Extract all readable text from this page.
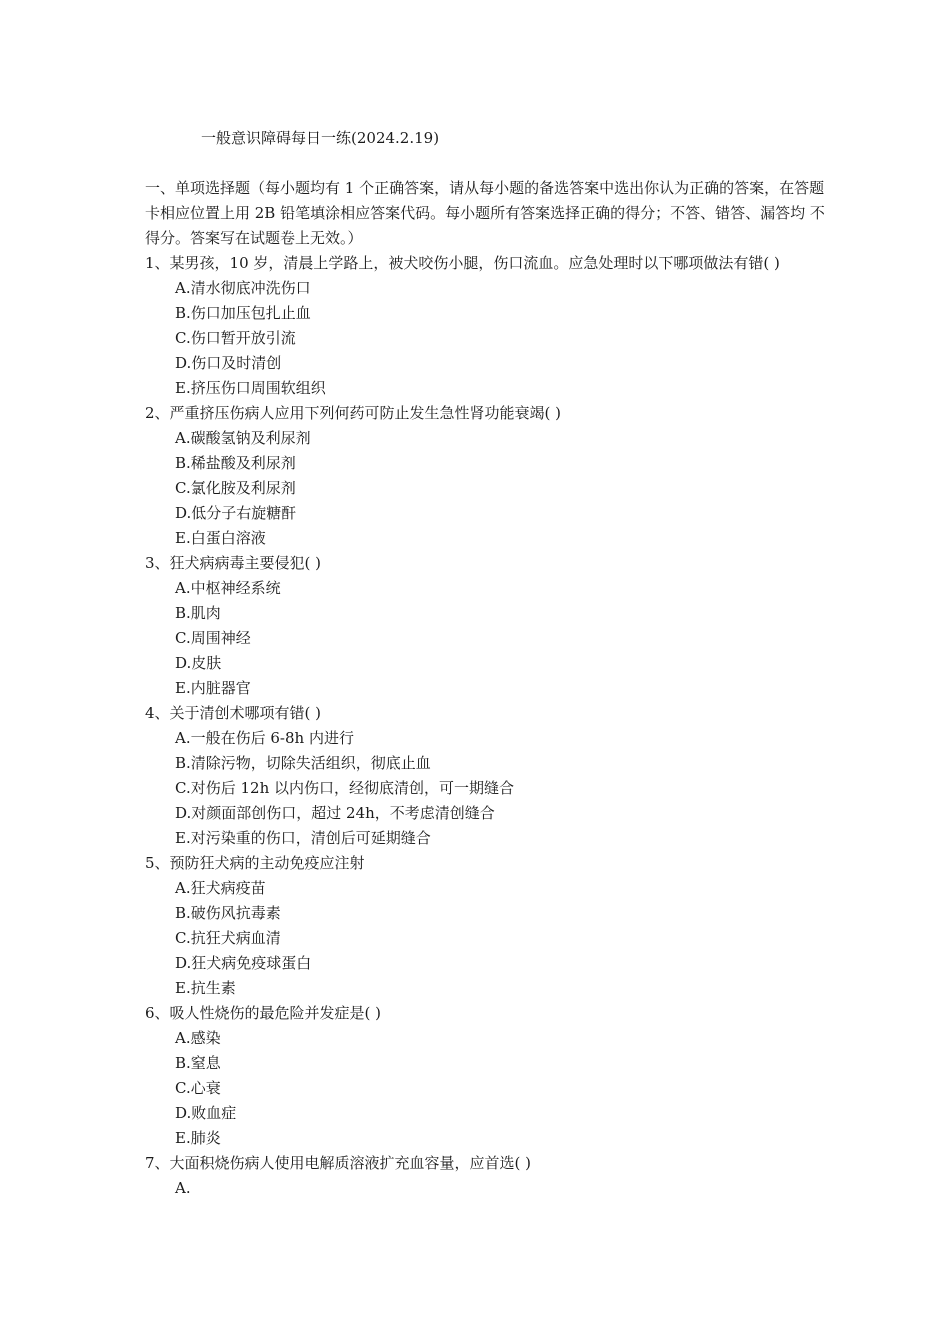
一般意识障碍每日一练(2024.2.19)

一、单项选择题（每小题均有 1 个正确答案，请从每小题的备选答案中选出你认为正确的答案，在答题卡相应位置上用 2B 铅笔填涂相应答案代码。每小题所有答案选择正确的得分；不答、错答、漏答均 不得分。答案写在试题卷上无效。）

1、某男孩，10 岁，清晨上学路上，被犬咬伤小腿，伤口流血。应急处理时以下哪项做法有错( )

A.清水彻底冲洗伤口
B.伤口加压包扎止血
C.伤口暂开放引流
D.伤口及时清创
E.挤压伤口周围软组织

2、严重挤压伤病人应用下列何药可防止发生急性肾功能衰竭( )

A.碳酸氢钠及利尿剂
B.稀盐酸及利尿剂
C.氯化胺及利尿剂
D.低分子右旋糖酐
E.白蛋白溶液

3、狂犬病病毒主要侵犯( )

A.中枢神经系统
B.肌肉
C.周围神经
D.皮肤
E.内脏器官

4、关于清创术哪项有错( )

A.一般在伤后 6-8h 内进行
B.清除污物，切除失活组织，彻底止血
C.对伤后 12h 以内伤口，经彻底清创，可一期缝合
D.对颜面部创伤口，超过 24h，不考虑清创缝合
E.对污染重的伤口，清创后可延期缝合

5、预防狂犬病的主动免疫应注射

A.狂犬病疫苗
B.破伤风抗毒素
C.抗狂犬病血清
D.狂犬病免疫球蛋白
E.抗生素

6、吸人性烧伤的最危险并发症是( )

A.感染
B.窒息
C.心衰
D.败血症
E.肺炎

7、大面积烧伤病人使用电解质溶液扩充血容量，应首选( )

A.
